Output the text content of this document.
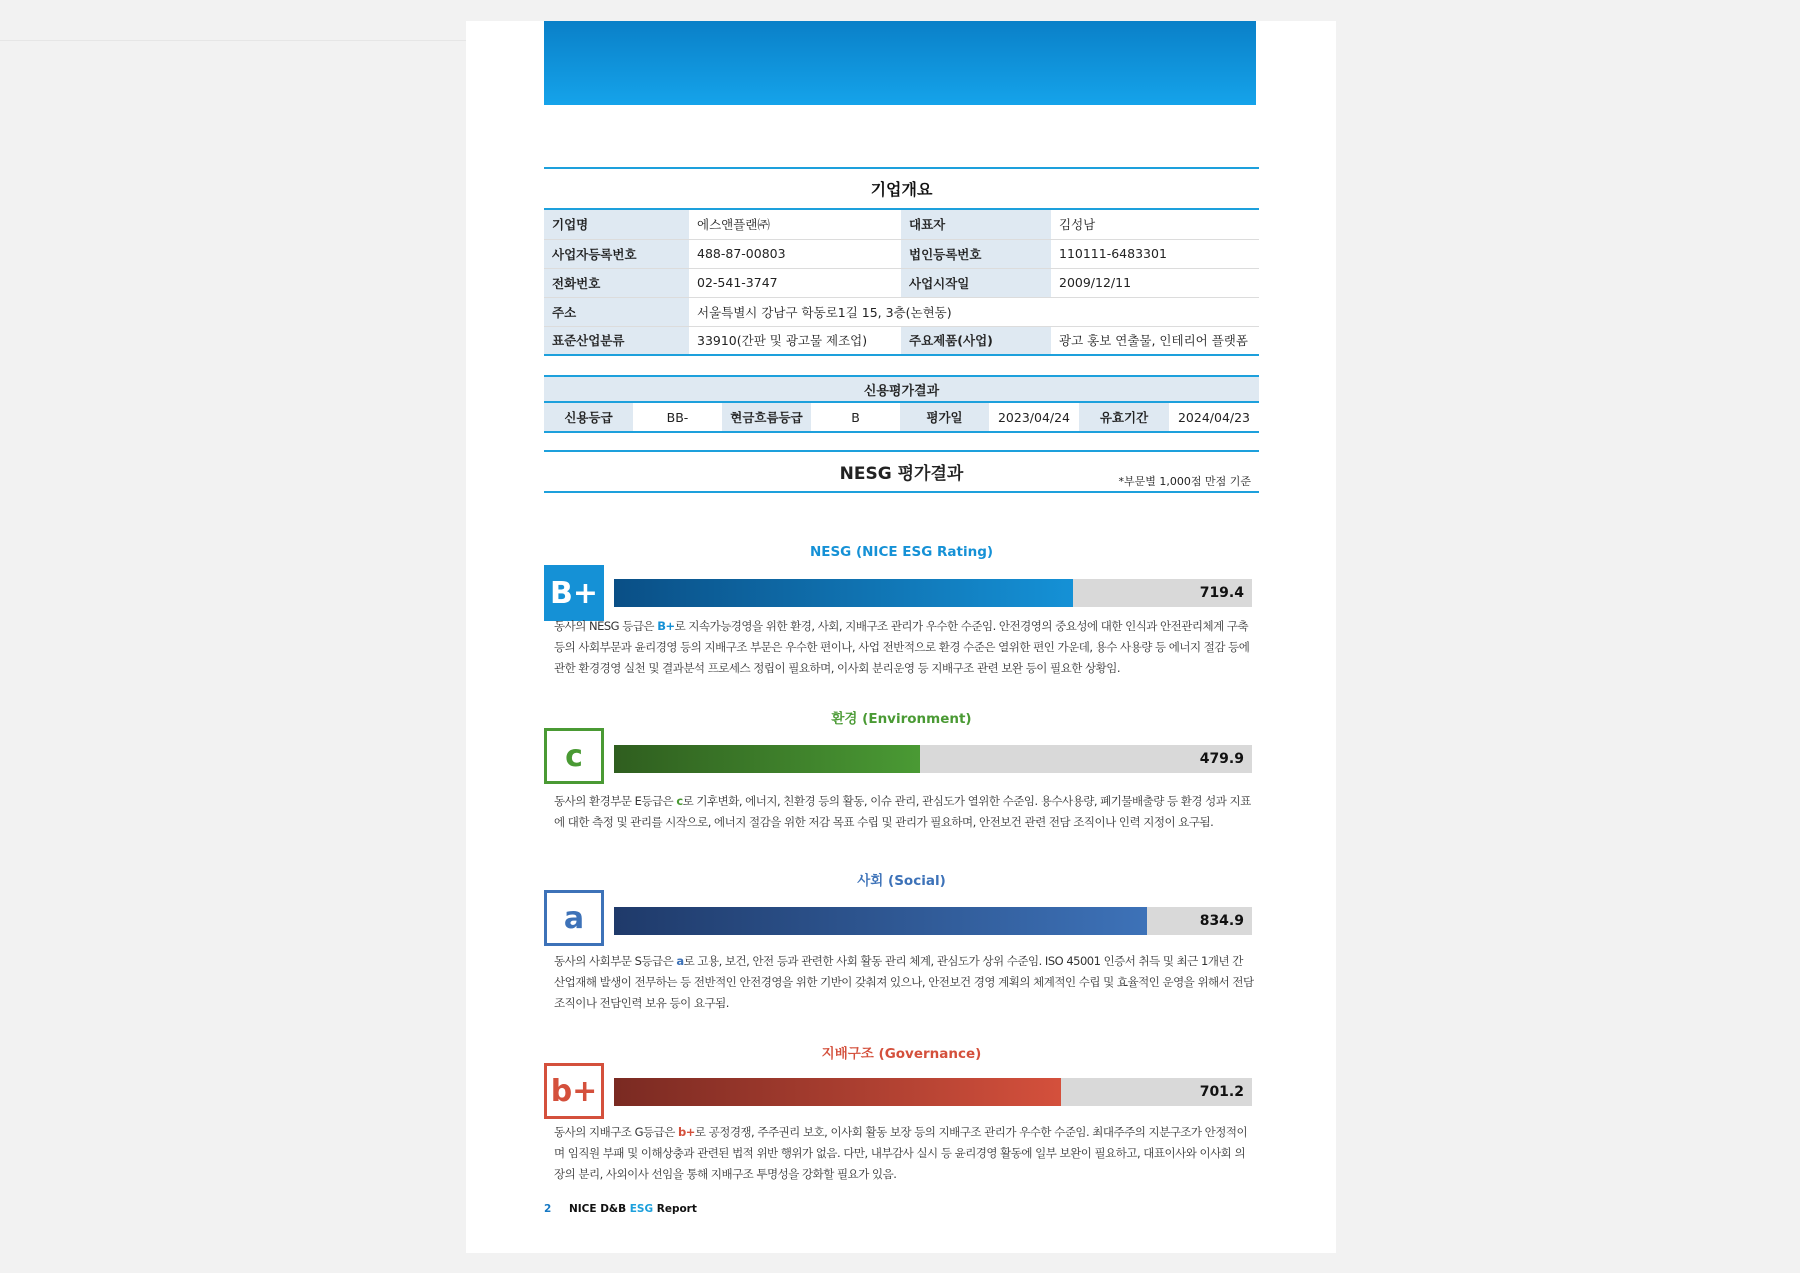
기업개요
기업명	에스앤플랜㈜	대표자	김성남
사업자등록번호	488-87-00803	법인등록번호	110111-6483301
전화번호	02-541-3747	사업시작일	2009/12/11
주소	서울특별시 강남구 학동로1길 15, 3층(논현동)		
표준산업분류	33910(간판 및 광고물 제조업)	주요제품(사업)	광고 홍보 연출물, 인테리어 플랫폼
신용평가결과
신용등급	BB-	현금흐름등급	B	평가일	2023/04/24	유효기간	2024/04/23
NESG 평가결과	*부문별 1,000점 만점 기준
NESG (NICE ESG Rating)
B+	719.4
동사의 NESG 등급은 B+로 지속가능경영을 위한 환경, 사회, 지배구조 관리가 우수한 수준임. 안전경영의 중요성에 대한 인식과 안전관리체계 구축 등의 사회부문과 윤리경영 등의 지배구조 부문은 우수한 편이나, 사업 전반적으로 환경 수준은 열위한 편인 가운데, 용수 사용량 등 에너지 절감 등에 관한 환경경영 실천 및 결과분석 프로세스 정립이 필요하며, 이사회 분리운영 등 지배구조 관련 보완 등이 필요한 상황임.
환경 (Environment)
c	479.9
동사의 환경부문 E등급은 c로 기후변화, 에너지, 친환경 등의 활동, 이슈 관리, 관심도가 열위한 수준임. 용수사용량, 폐기물배출량 등 환경 성과 지표에 대한 측정 및 관리를 시작으로, 에너지 절감을 위한 저감 목표 수립 및 관리가 필요하며, 안전보건 관련 전담 조직이나 인력 지정이 요구됨.
사회 (Social)
a	834.9
동사의 사회부문 S등급은 a로 고용, 보건, 안전 등과 관련한 사회 활동 관리 체계, 관심도가 상위 수준임. ISO 45001 인증서 취득 및 최근 1개년 간 산업재해 발생이 전무하는 등 전반적인 안전경영을 위한 기반이 갖춰져 있으나, 안전보건 경영 계획의 체계적인 수립 및 효율적인 운영을 위해서 전담 조직이나 전담인력 보유 등이 요구됨.
지배구조 (Governance)
b+	701.2
동사의 지배구조 G등급은 b+로 공정경쟁, 주주권리 보호, 이사회 활동 보장 등의 지배구조 관리가 우수한 수준임. 최대주주의 지분구조가 안정적이며 임직원 부패 및 이해상충과 관련된 법적 위반 행위가 없음. 다만, 내부감사 실시 등 윤리경영 활동에 일부 보완이 필요하고, 대표이사와 이사회 의장의 분리, 사외이사 선임을 통해 지배구조 투명성을 강화할 필요가 있음.
2 NICE D&B ESG Report
